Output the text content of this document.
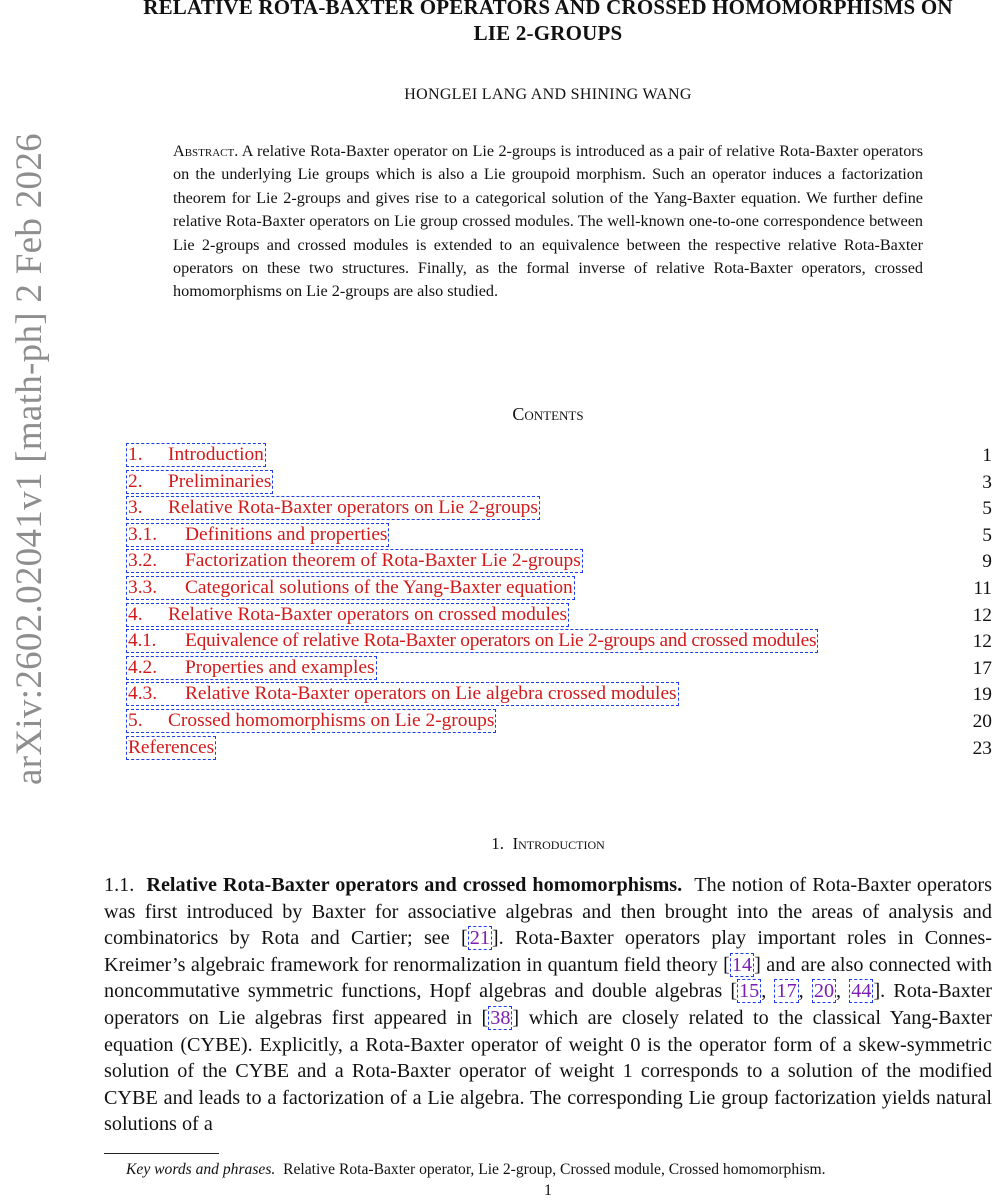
arXiv:2602.02041v1 [math-ph] 2 Feb 2026
RELATIVE ROTA-BAXTER OPERATORS AND CROSSED HOMOMORPHISMS ON
LIE 2-GROUPS
HONGLEI LANG AND SHINING WANG
Abstract. A relative Rota-Baxter operator on Lie 2-groups is introduced as a pair of relative Rota-Baxter operators on the underlying Lie groups which is also a Lie groupoid morphism. Such an operator induces a factorization theorem for Lie 2-groups and gives rise to a categorical solution of the Yang-Baxter equation. We further define relative Rota-Baxter operators on Lie group crossed modules. The well-known one-to-one correspondence between Lie 2-groups and crossed modules is extended to an equivalence between the respective relative Rota-Baxter operators on these two structures. Finally, as the formal inverse of relative Rota-Baxter operators, crossed homomorphisms on Lie 2-groups are also studied.
Contents
1. Introduction	1
2. Preliminaries	3
3. Relative Rota-Baxter operators on Lie 2-groups	5
3.1. Definitions and properties	5
3.2. Factorization theorem of Rota-Baxter Lie 2-groups	9
3.3. Categorical solutions of the Yang-Baxter equation	11
4. Relative Rota-Baxter operators on crossed modules	12
4.1. Equivalence of relative Rota-Baxter operators on Lie 2-groups and crossed modules	12
4.2. Properties and examples	17
4.3. Relative Rota-Baxter operators on Lie algebra crossed modules	19
5. Crossed homomorphisms on Lie 2-groups	20
References	23
1. Introduction
1.1. Relative Rota-Baxter operators and crossed homomorphisms. The notion of Rota-Baxter operators was first introduced by Baxter for associative algebras and then brought into the areas of analysis and combinatorics by Rota and Cartier; see [21]. Rota-Baxter operators play important roles in Connes-Kreimer’s algebraic framework for renormalization in quantum field theory [14] and are also connected with noncommutative symmetric functions, Hopf algebras and double algebras [15, 17, 20, 44]. Rota-Baxter operators on Lie algebras first appeared in [38] which are closely related to the classical Yang-Baxter equation (CYBE). Explicitly, a Rota-Baxter operator of weight 0 is the operator form of a skew-symmetric solution of the CYBE and a Rota-Baxter operator of weight 1 corresponds to a solution of the modified CYBE and leads to a factorization of a Lie algebra. The corresponding Lie group factorization yields natural solutions of a
Key words and phrases. Relative Rota-Baxter operator, Lie 2-group, Crossed module, Crossed homomorphism.
1
